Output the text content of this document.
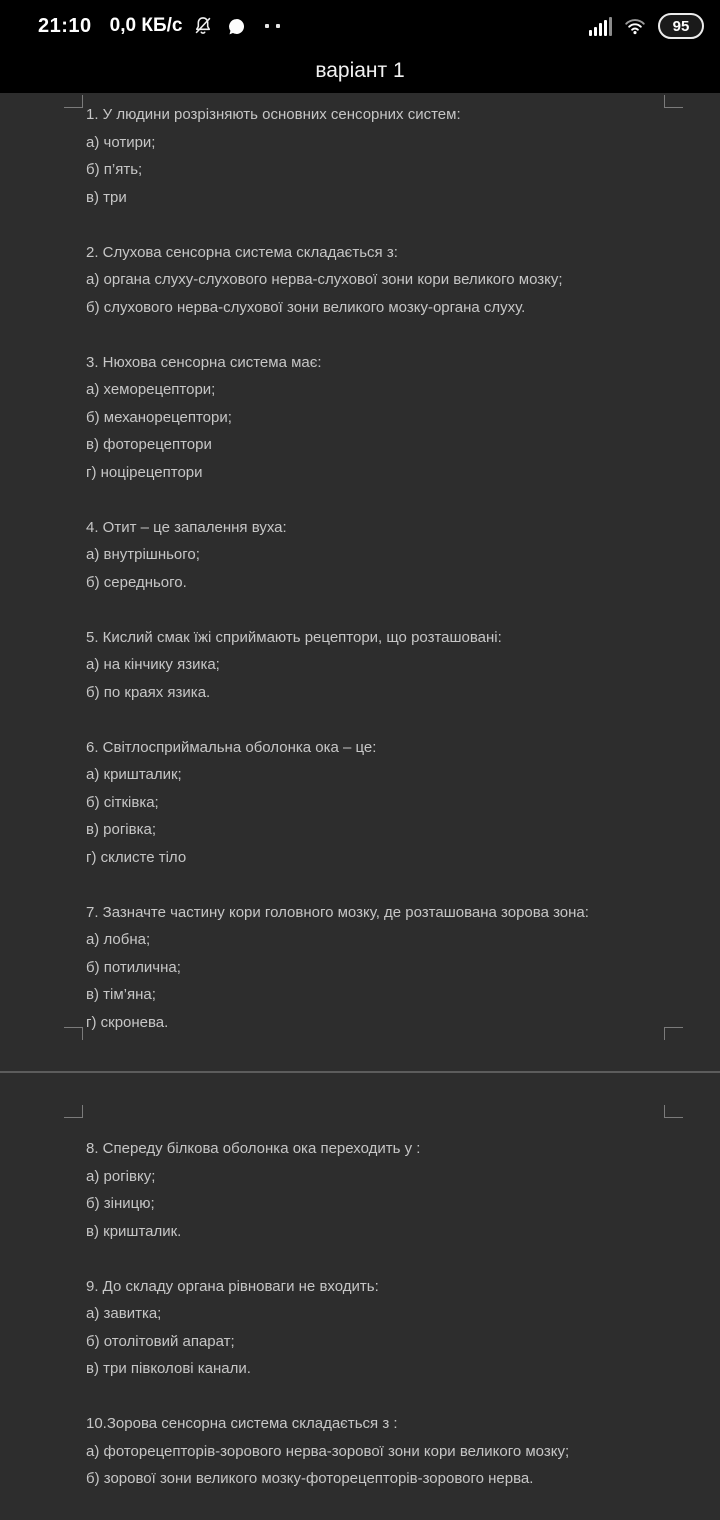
21:10 0,0 КБ/с	95
варіант 1

1. У людини розрізняють основних сенсорних систем:

а) чотири;

б) п’ять;

в) три

2. Слухова сенсорна система складається з:

а) органа слуху-слухового нерва-слухової зони кори великого мозку;

б) слухового нерва-слухової зони великого мозку-органа слуху.

3. Нюхова сенсорна система має:

а) хеморецептори;

б) механорецептори;

в) фоторецептори

г) ноцірецептори

4. Отит – це запалення вуха:

а) внутрішнього;

б) середнього.

5. Кислий смак їжі сприймають рецептори, що розташовані:

а) на кінчику язика;

б) по краях язика.

6. Світлосприймальна оболонка ока – це:

а) кришталик;

б) сітківка;

в) рогівка;

г) склисте тіло

7. Зазначте частину кори головного мозку, де розташована зорова зона:

а) лобна;

б) потилична;

в) тім’яна;

г) скронева.

8. Спереду білкова оболонка ока переходить у :

а) рогівку;

б) зіницю;

в) кришталик.

9. До складу органа рівноваги не входить:

а) завитка;

б) отолітовий апарат;

в) три півколові канали.

10.Зорова сенсорна система складається з :

а) фоторецепторів-зорового нерва-зорової зони кори великого мозку;

б) зорової зони великого мозку-фоторецепторів-зорового нерва.
